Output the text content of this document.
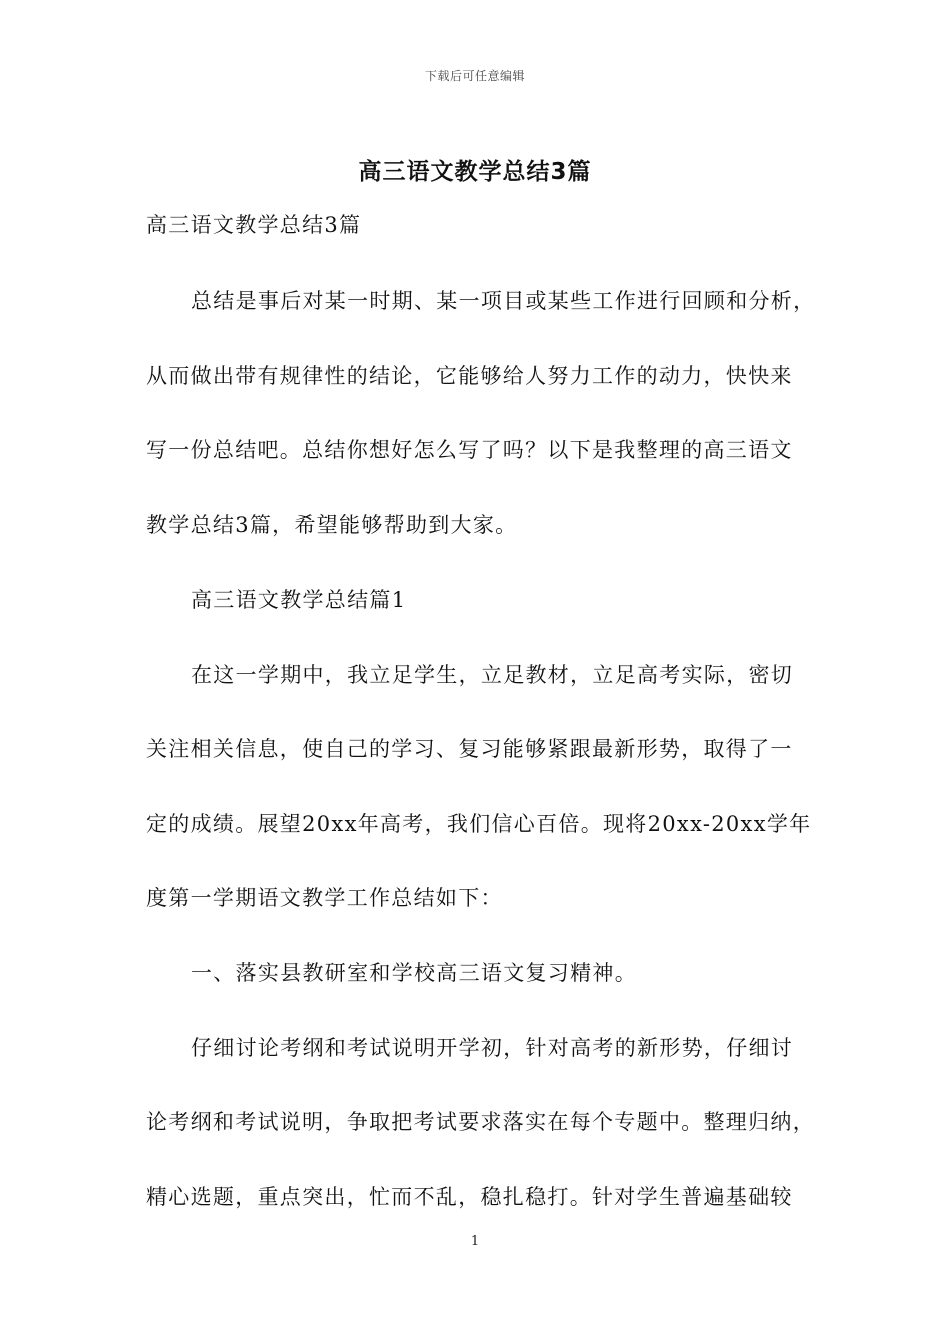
下载后可任意编辑
高三语文教学总结3篇
高三语文教学总结3篇
总结是事后对某一时期、某一项目或某些工作进行回顾和分析，
从而做出带有规律性的结论，它能够给人努力工作的动力，快快来
写一份总结吧。总结你想好怎么写了吗？以下是我整理的高三语文
教学总结3篇，希望能够帮助到大家。
高三语文教学总结篇1
在这一学期中，我立足学生，立足教材，立足高考实际，密切
关注相关信息，使自己的学习、复习能够紧跟最新形势，取得了一
定的成绩。展望20xx年高考，我们信心百倍。现将20xx-20xx学年
度第一学期语文教学工作总结如下：
一、落实县教研室和学校高三语文复习精神。
仔细讨论考纲和考试说明开学初，针对高考的新形势，仔细讨
论考纲和考试说明，争取把考试要求落实在每个专题中。整理归纳，
精心选题，重点突出，忙而不乱，稳扎稳打。针对学生普遍基础较
1
